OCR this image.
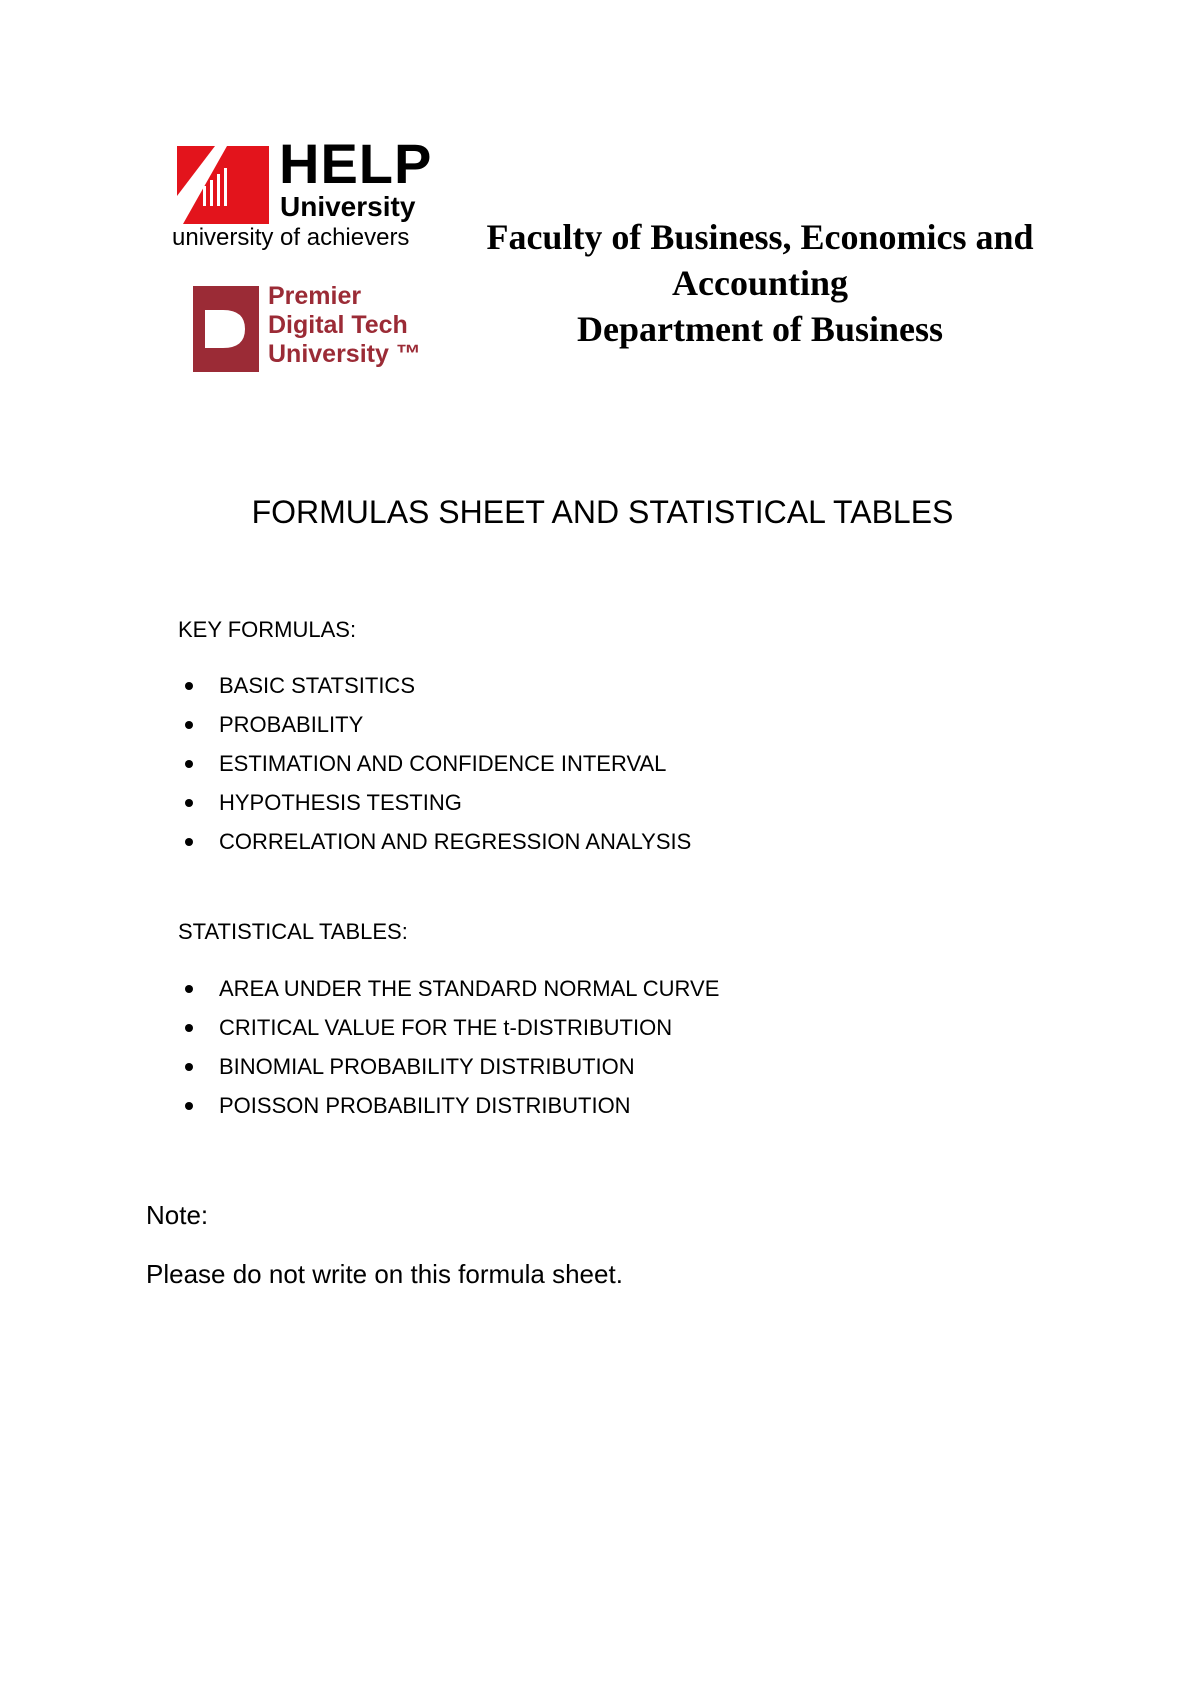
HELP
University
university of achievers
Premier
Digital Tech
University ™
Faculty of Business, Economics and
Accounting
Department of Business
FORMULAS SHEET AND STATISTICAL TABLES
KEY FORMULAS:
BASIC STATSITICS
PROBABILITY
ESTIMATION AND CONFIDENCE INTERVAL
HYPOTHESIS TESTING
CORRELATION AND REGRESSION ANALYSIS
STATISTICAL TABLES:
AREA UNDER THE STANDARD NORMAL CURVE
CRITICAL VALUE FOR THE t-DISTRIBUTION
BINOMIAL PROBABILITY DISTRIBUTION
POISSON PROBABILITY DISTRIBUTION
Note:
Please do not write on this formula sheet.
